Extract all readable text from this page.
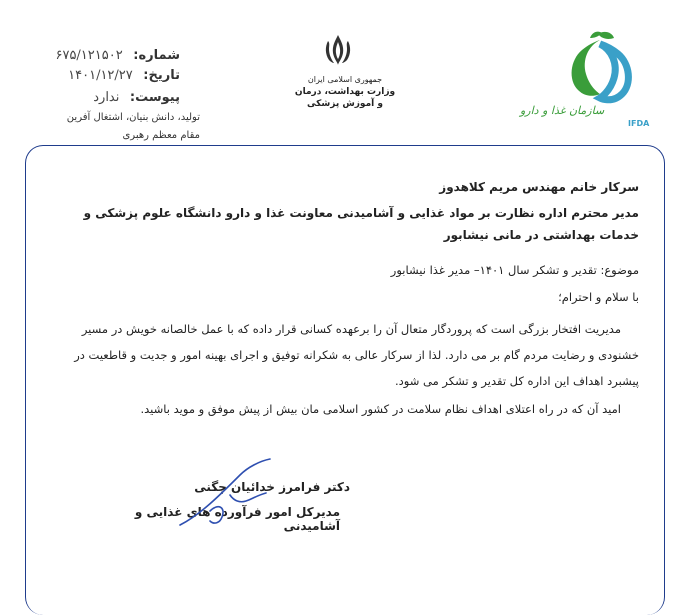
شماره: ۶۷۵/۱۲۱۵۰۲
تاریخ: ۱۴۰۱/۱۲/۲۷
پیوست: ندارد
تولید، دانش بنیان، اشتغال آفرین
مقام معظم رهبری
جمهوری اسلامی ایران
وزارت بهداشت، درمان
و آموزش پزشکی	سازمان غذا و دارو
IFDA
سرکار خانم مهندس مریم کلاهدوز
مدیر محترم اداره نظارت بر مواد غذایی و آشامیدنی معاونت غذا و دارو دانشگاه علوم پزشکی و خدمات بهداشتی در مانی نیشابور
موضوع: تقدیر و تشکر سال ۱۴۰۱– مدیر غذا نیشابور
با سلام و احترام؛
مدیریت افتخار بزرگی است که پروردگار متعال آن را برعهده کسانی قرار داده که با عمل خالصانه خویش در مسیر خشنودی و رضایت مردم گام بر می دارد. لذا از سرکار عالی به شکرانه توفیق و اجرای بهینه امور و جدیت و قاطعیت در پیشبرد اهداف این اداره کل تقدیر و تشکر می شود.
امید آن که در راه اعتلای اهداف نظام سلامت در کشور اسلامی مان بیش از پیش موفق و موید باشید.
دکتر فرامرز خدائیان چگنی
مدیرکل امور فرآورده های غذایی و آشامیدنی
